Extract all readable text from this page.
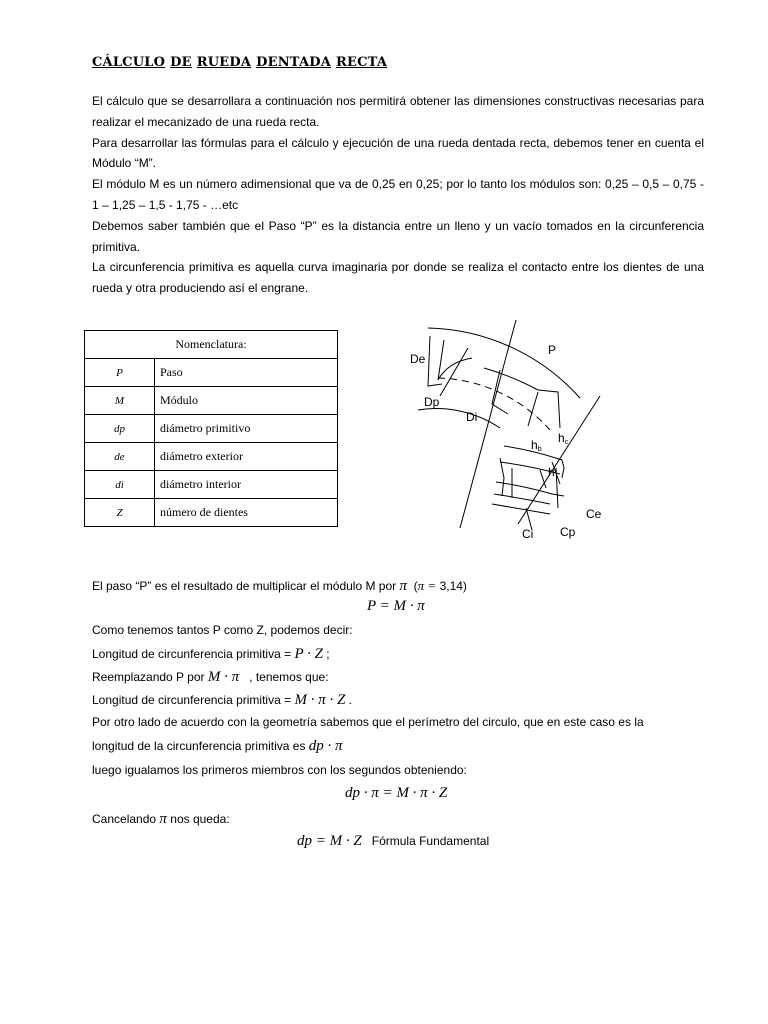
CÁLCULO DE RUEDA DENTADA RECTA

El cálculo que se desarrollara a continuación nos permitirá obtener las dimensiones constructivas necesarias para realizar el mecanizado de una rueda recta.

Para desarrollar las fórmulas para el cálculo y ejecución de una rueda dentada recta, debemos tener en cuenta el Módulo “M”.

El módulo M es un número adimensional que va de 0,25 en 0,25; por lo tanto los módulos son: 0,25 – 0,5 – 0,75 - 1 – 1,25 – 1,5 - 1,75 - …etc

Debemos saber también que el Paso “P” es la distancia entre un lleno y un vacío tomados en la circunferencia primitiva.

La circunferencia primitiva es aquella curva imaginaria por donde se realiza el contacto entre los dientes de una rueda y otra produciendo así el engrane.

Nomenclatura:	
P	Paso
M	Módulo
dp	diámetro primitivo
de	diámetro exterior
di	diámetro interior
Z	número de dientes
De
P
Dp
Di
hb
hc
h
Ce
Ci Cp
El paso “P” es el resultado de multiplicar el módulo M por π (π = 3,14)
P = M · π
Como tenemos tantos P como Z, podemos decir:
Longitud de circunferencia primitiva = P · Z ;
Reemplazando P por M · π , tenemos que:
Longitud de circunferencia primitiva = M · π · Z .
Por otro lado de acuerdo con la geometría sabemos que el perímetro del circulo, que en este caso es la
longitud de la circunferencia primitiva es dp · π
luego igualamos los primeros miembros con los segundos obteniendo:
dp · π = M · π · Z
Cancelando π nos queda:
dp = M · Z Fórmula Fundamental
